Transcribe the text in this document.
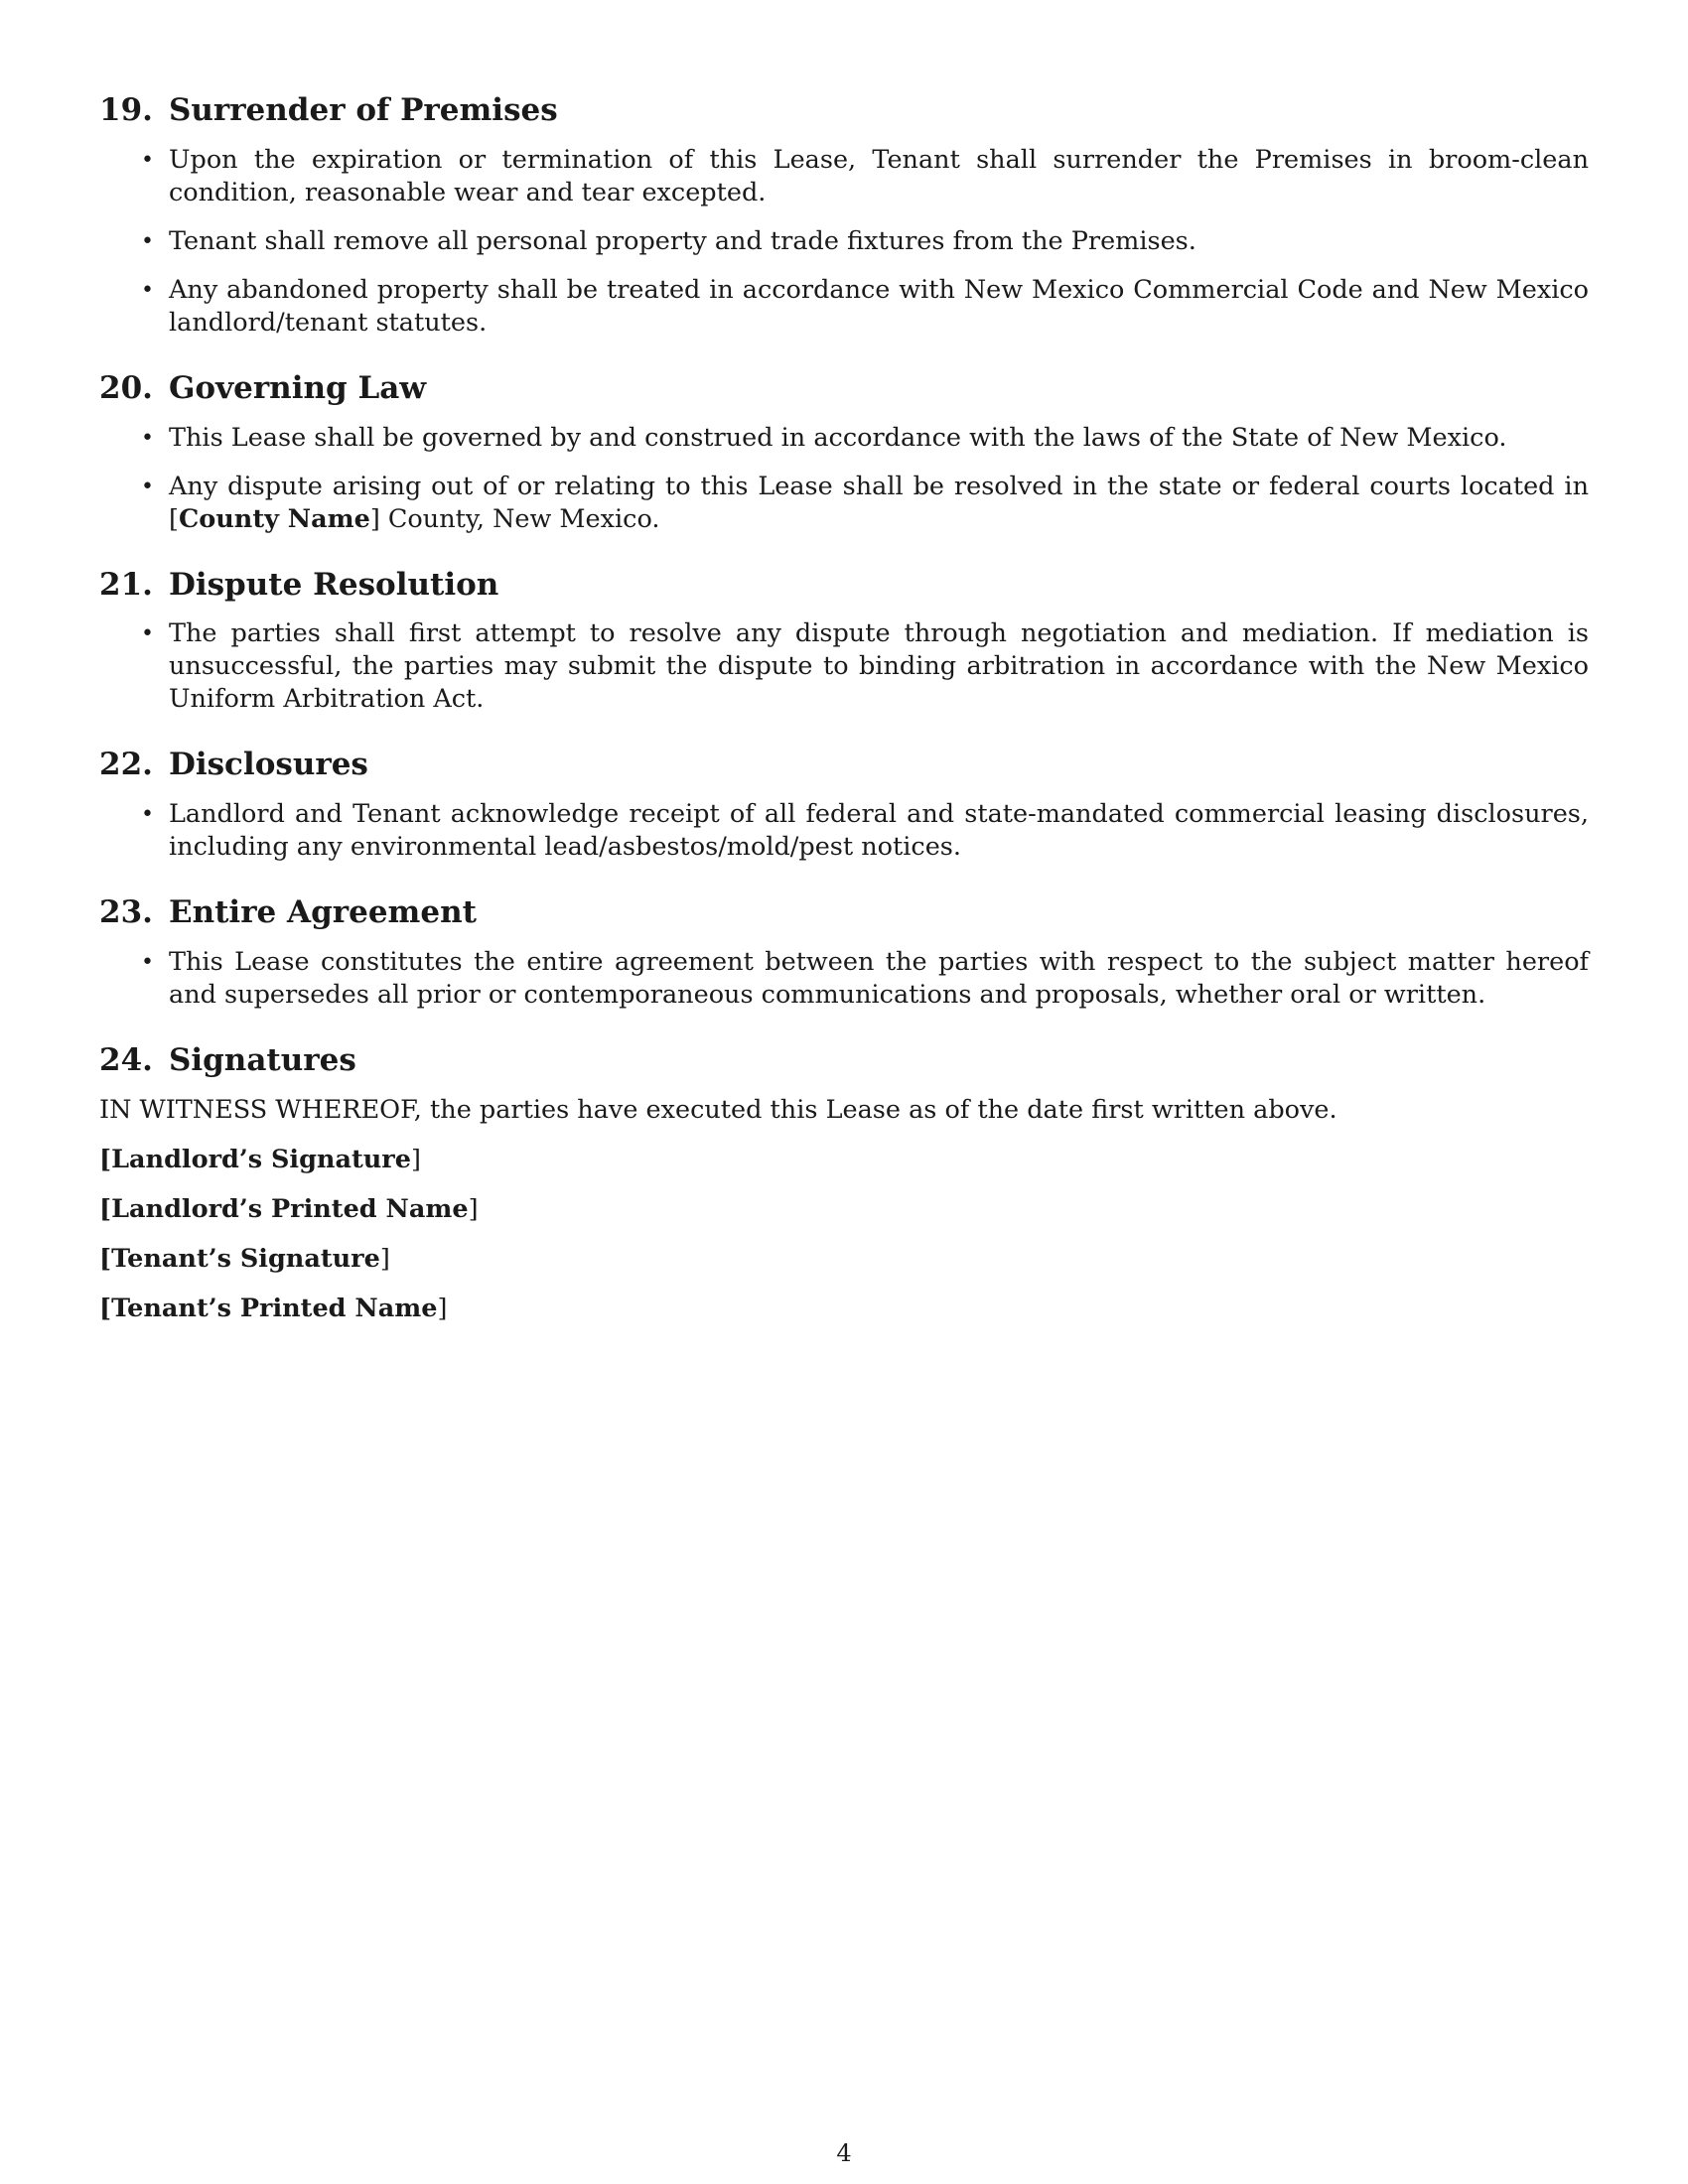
19. Surrender of Premises
• Upon the expiration or termination of this Lease, Tenant shall surrender the Premises in broom-clean condition, reasonable wear and tear excepted.
• Tenant shall remove all personal property and trade fixtures from the Premises.
• Any abandoned property shall be treated in accordance with New Mexico Commercial Code and New Mexico landlord/tenant statutes.
20. Governing Law
• This Lease shall be governed by and construed in accordance with the laws of the State of New Mexico.
• Any dispute arising out of or relating to this Lease shall be resolved in the state or federal courts located in [County Name] County, New Mexico.
21. Dispute Resolution
• The parties shall first attempt to resolve any dispute through negotiation and mediation. If mediation is unsuccessful, the parties may submit the dispute to binding arbitration in accordance with the New Mexico Uniform Arbitration Act.
22. Disclosures
• Landlord and Tenant acknowledge receipt of all federal and state-mandated commercial leasing disclosures, including any environmental lead/asbestos/mold/pest notices.
23. Entire Agreement
• This Lease constitutes the entire agreement between the parties with respect to the subject matter hereof and supersedes all prior or contemporaneous communications and proposals, whether oral or written.
24. Signatures

IN WITNESS WHEREOF, the parties have executed this Lease as of the date first written above.

[Landlord’s Signature]

[Landlord’s Printed Name]

[Tenant’s Signature]

[Tenant’s Printed Name]

4
